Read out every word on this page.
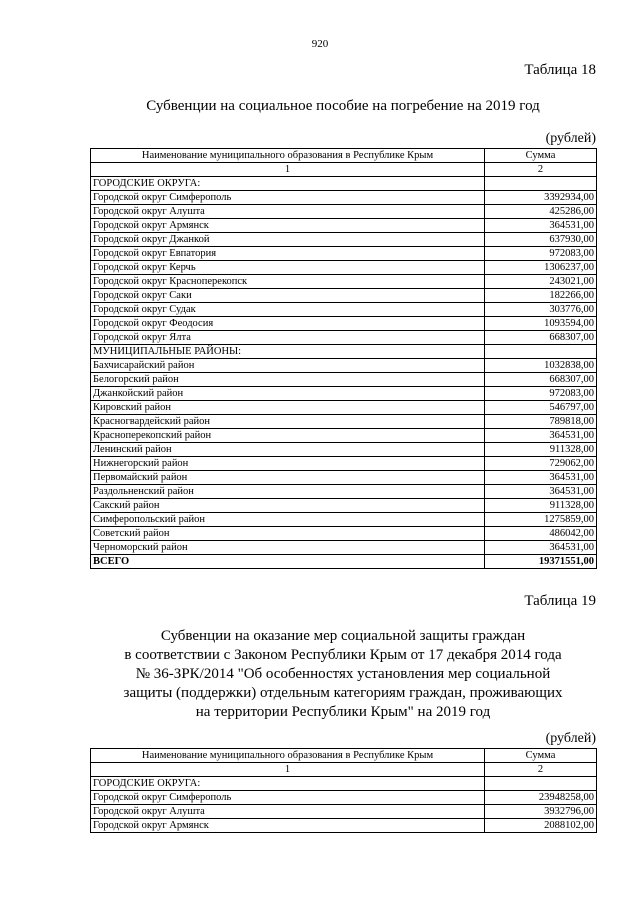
920
Таблица 18
Субвенции на социальное пособие на погребение на 2019 год
(рублей)
Наименование муниципального образования в Республике Крым	Сумма
1	2
ГОРОДСКИЕ ОКРУГА:	
Городской округ Симферополь	3392934,00
Городской округ Алушта	425286,00
Городской округ Армянск	364531,00
Городской округ Джанкой	637930,00
Городской округ Евпатория	972083,00
Городской округ Керчь	1306237,00
Городской округ Красноперекопск	243021,00
Городской округ Саки	182266,00
Городской округ Судак	303776,00
Городской округ Феодосия	1093594,00
Городской округ Ялта	668307,00
МУНИЦИПАЛЬНЫЕ РАЙОНЫ:	
Бахчисарайский район	1032838,00
Белогорский район	668307,00
Джанкойский район	972083,00
Кировский район	546797,00
Красногвардейский район	789818,00
Красноперекопский район	364531,00
Ленинский район	911328,00
Нижнегорский район	729062,00
Первомайский район	364531,00
Раздольненский район	364531,00
Сакский район	911328,00
Симферопольский район	1275859,00
Советский район	486042,00
Черноморский район	364531,00
ВСЕГО	19371551,00
Таблица 19
Субвенции на оказание мер социальной защиты граждан
в соответствии с Законом Республики Крым от 17 декабря 2014 года
№ 36-ЗРК/2014 "Об особенностях установления мер социальной
защиты (поддержки) отдельным категориям граждан, проживающих
на территории Республики Крым" на 2019 год
(рублей)
Наименование муниципального образования в Республике Крым	Сумма
1	2
ГОРОДСКИЕ ОКРУГА:	
Городской округ Симферополь	23948258,00
Городской округ Алушта	3932796,00
Городской округ Армянск	2088102,00
